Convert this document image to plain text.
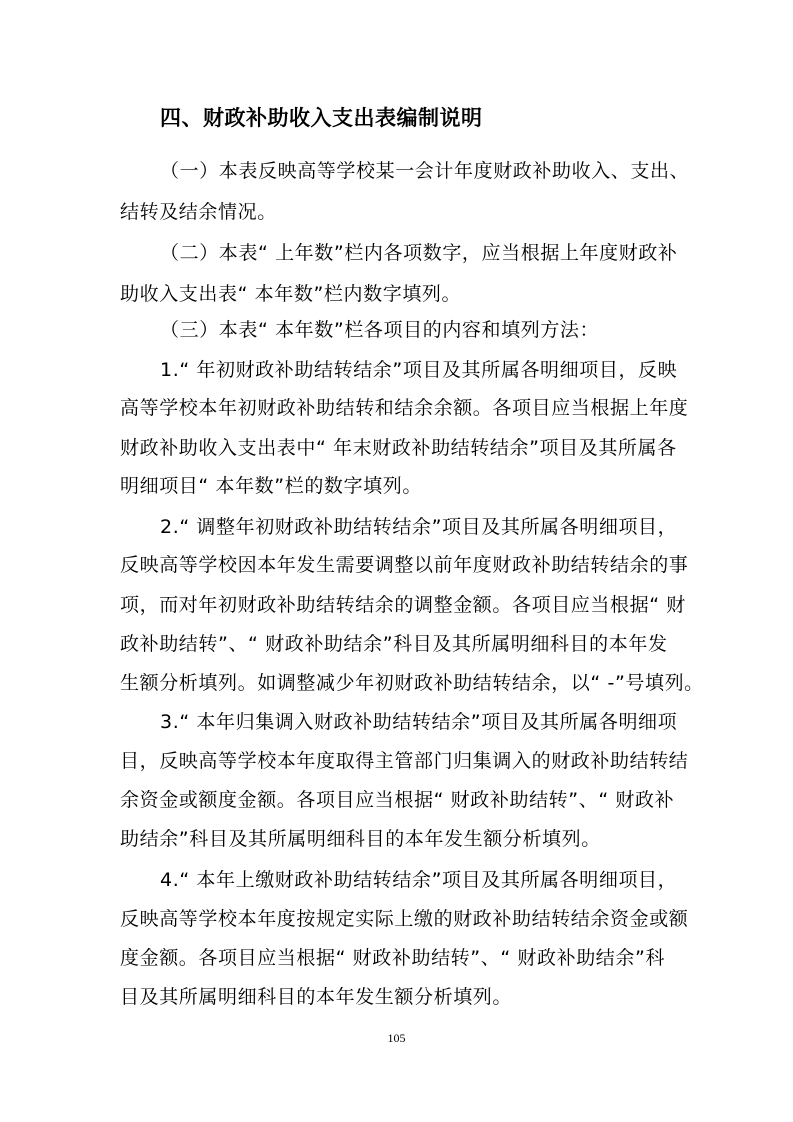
四、财政补助收入支出表编制说明
（一）本表反映高等学校某一会计年度财政补助收入、支出、
结转及结余情况。
（二）本表“ 上年数”栏内各项数字，应当根据上年度财政补
助收入支出表“ 本年数”栏内数字填列。
（三）本表“ 本年数”栏各项目的内容和填列方法：
1.“ 年初财政补助结转结余”项目及其所属各明细项目，反映
高等学校本年初财政补助结转和结余余额。各项目应当根据上年度
财政补助收入支出表中“ 年末财政补助结转结余”项目及其所属各
明细项目“ 本年数”栏的数字填列。
2.“ 调整年初财政补助结转结余”项目及其所属各明细项目，
反映高等学校因本年发生需要调整以前年度财政补助结转结余的事
项，而对年初财政补助结转结余的调整金额。各项目应当根据“ 财
政补助结转”、“ 财政补助结余”科目及其所属明细科目的本年发
生额分析填列。如调整减少年初财政补助结转结余，以“ -”号填列。
3.“ 本年归集调入财政补助结转结余”项目及其所属各明细项
目，反映高等学校本年度取得主管部门归集调入的财政补助结转结
余资金或额度金额。各项目应当根据“ 财政补助结转”、“ 财政补
助结余”科目及其所属明细科目的本年发生额分析填列。
4.“ 本年上缴财政补助结转结余”项目及其所属各明细项目，
反映高等学校本年度按规定实际上缴的财政补助结转结余资金或额
度金额。各项目应当根据“ 财政补助结转”、“ 财政补助结余”科
目及其所属明细科目的本年发生额分析填列。
105
